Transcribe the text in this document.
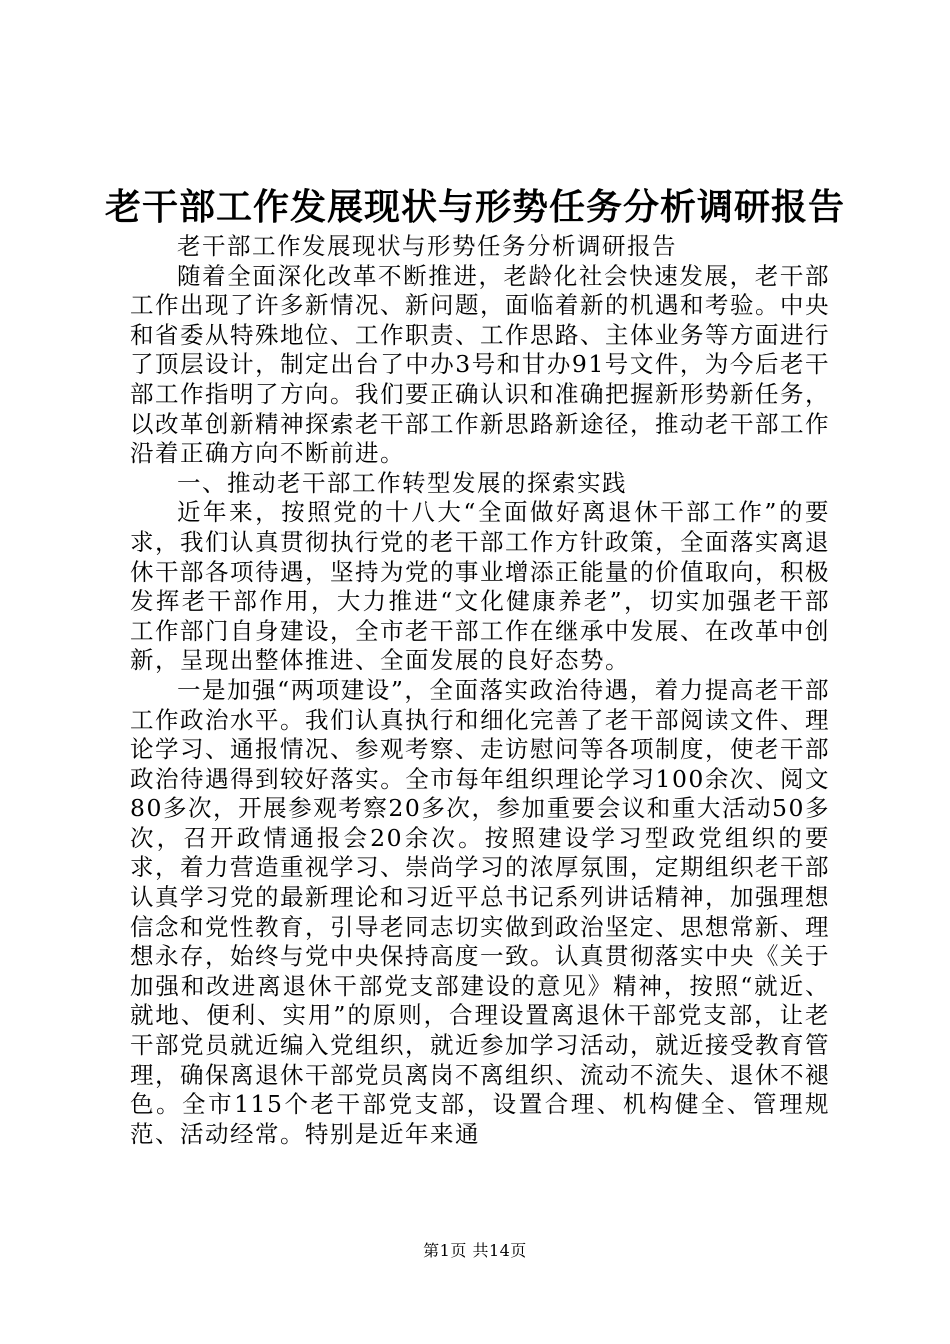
老干部工作发展现状与形势任务分析调研报告

老干部工作发展现状与形势任务分析调研报告

随着全面深化改革不断推进，老龄化社会快速发展，老干部工作出现了许多新情况、新问题，面临着新的机遇和考验。中央和省委从特殊地位、工作职责、工作思路、主体业务等方面进行了顶层设计，制定出台了中办3号和甘办91号文件，为今后老干部工作指明了方向。我们要正确认识和准确把握新形势新任务，以改革创新精神探索老干部工作新思路新途径，推动老干部工作沿着正确方向不断前进。

一、推动老干部工作转型发展的探索实践

近年来，按照党的十八大“全面做好离退休干部工作”的要求，我们认真贯彻执行党的老干部工作方针政策，全面落实离退休干部各项待遇，坚持为党的事业增添正能量的价值取向，积极发挥老干部作用，大力推进“文化健康养老”，切实加强老干部工作部门自身建设，全市老干部工作在继承中发展、在改革中创新，呈现出整体推进、全面发展的良好态势。

一是加强“两项建设”，全面落实政治待遇，着力提高老干部工作政治水平。我们认真执行和细化完善了老干部阅读文件、理论学习、通报情况、参观考察、走访慰问等各项制度，使老干部政治待遇得到较好落实。全市每年组织理论学习100余次、阅文80多次，开展参观考察20多次，参加重要会议和重大活动50多次，召开政情通报会20余次。按照建设学习型政党组织的要求，着力营造重视学习、崇尚学习的浓厚氛围，定期组织老干部认真学习党的最新理论和习近平总书记系列讲话精神，加强理想信念和党性教育，引导老同志切实做到政治坚定、思想常新、理想永存，始终与党中央保持高度一致。认真贯彻落实中央《关于加强和改进离退休干部党支部建设的意见》精神，按照“就近、就地、便利、实用”的原则，合理设置离退休干部党支部，让老干部党员就近编入党组织，就近参加学习活动，就近接受教育管理，确保离退休干部党员离岗不离组织、流动不流失、退休不褪色。全市115个老干部党支部，设置合理、机构健全、管理规范、活动经常。特别是近年来通

第1页 共14页
